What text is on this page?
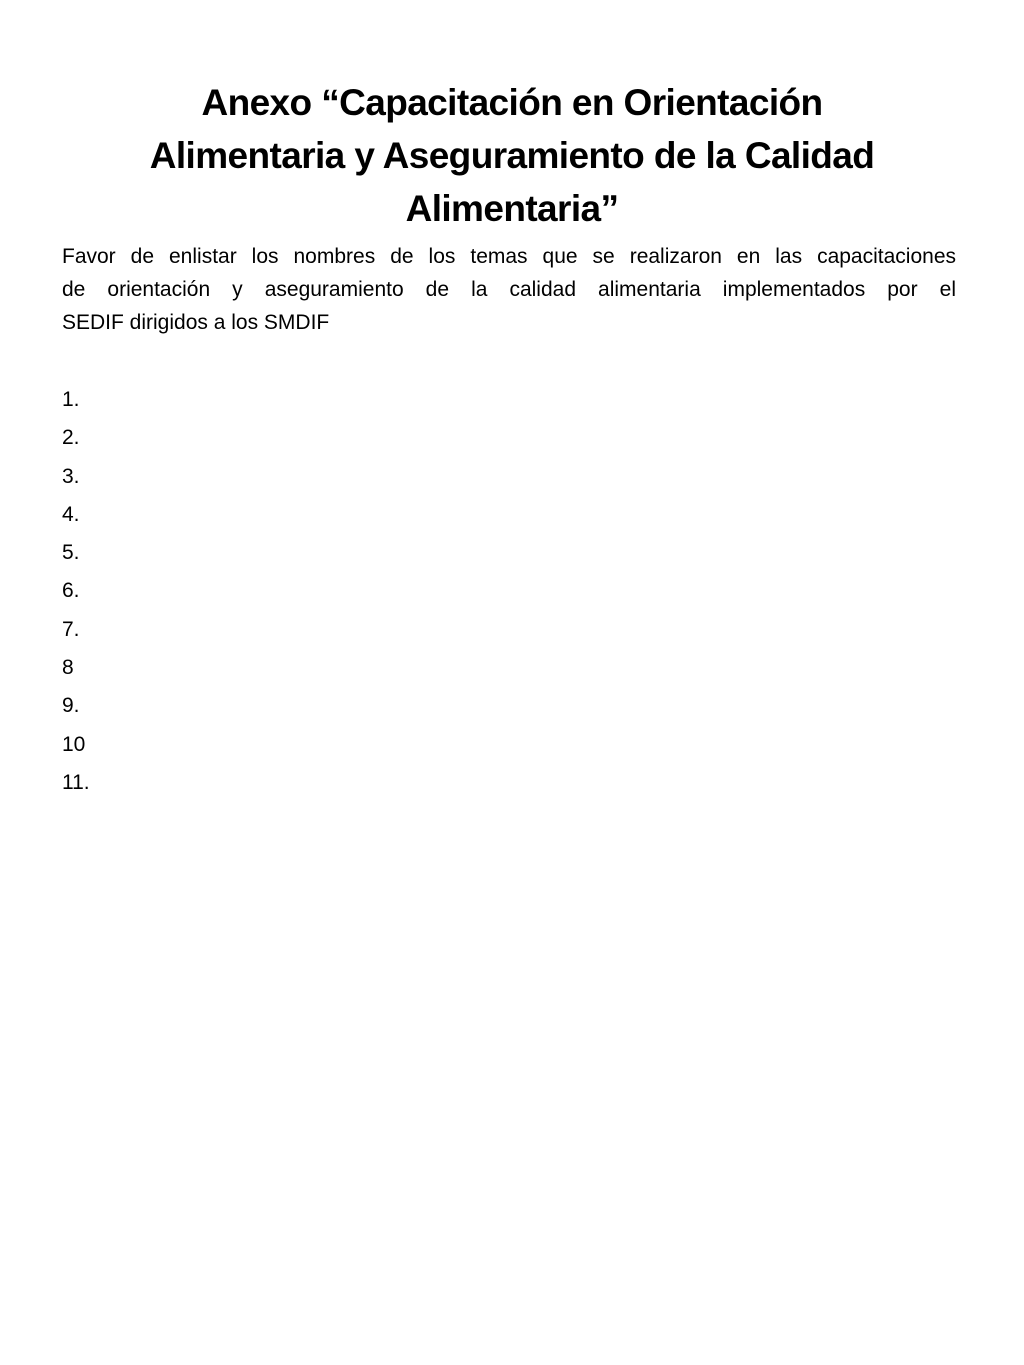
Anexo “Capacitación en Orientación
Alimentaria y Aseguramiento de la Calidad
Alimentaria”

Favor de enlistar los nombres de los temas que se realizaron en las capacitaciones
de orientación y aseguramiento de la calidad alimentaria implementados por el
SEDIF dirigidos a los SMDIF

1.
2.
3.
4.
5.
6.
7.
8
9.
10
11.
